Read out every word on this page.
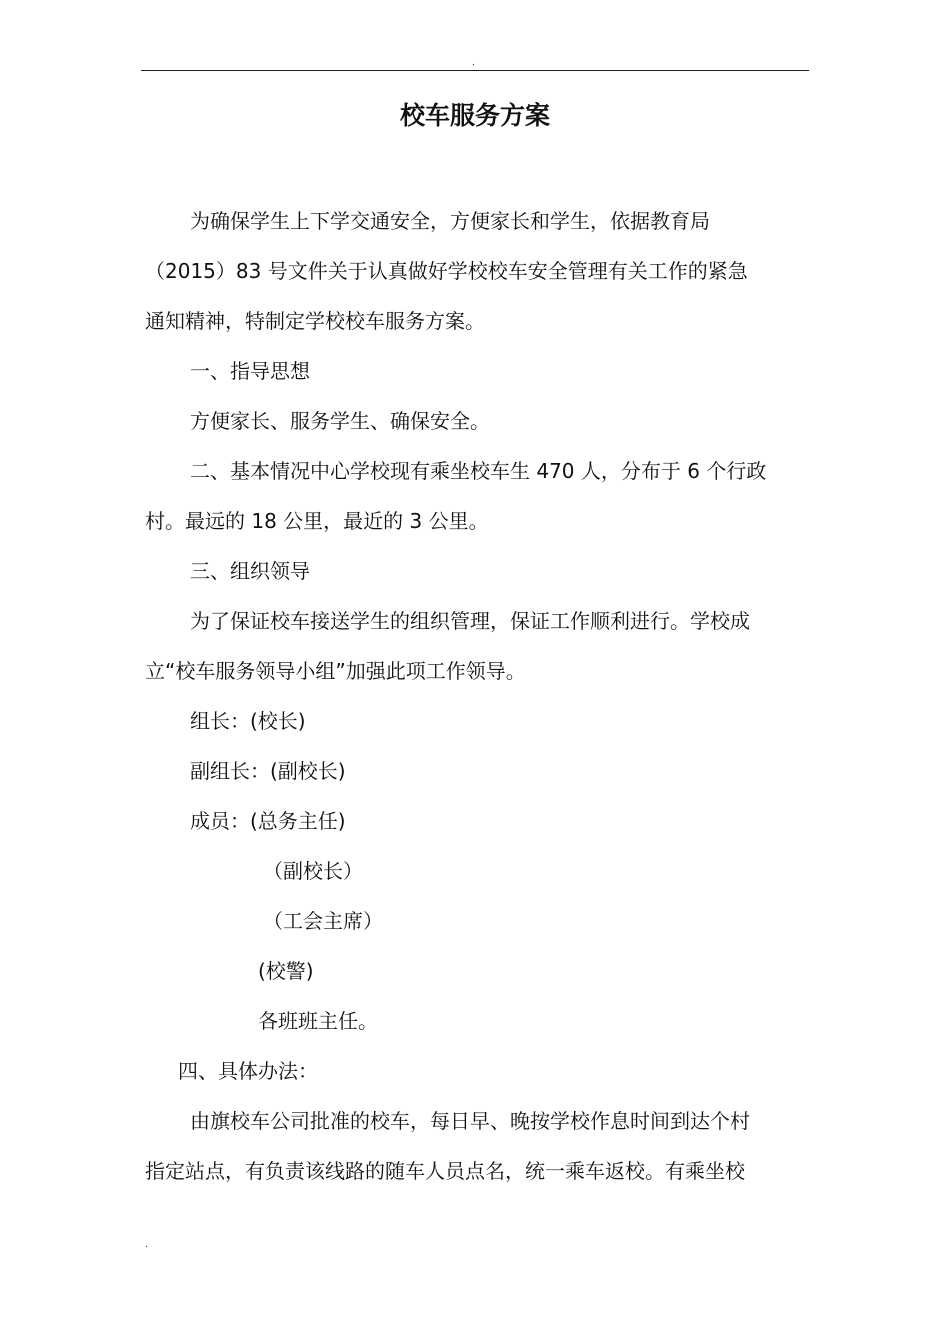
.
校车服务方案
为确保学生上下学交通安全，方便家长和学生，依据教育局
（2015）83 号文件关于认真做好学校校车安全管理有关工作的紧急
通知精神，特制定学校校车服务方案。
一、指导思想
方便家长、服务学生、确保安全。
二、基本情况中心学校现有乘坐校车生 470 人，分布于 6 个行政
村。最远的 18 公里，最近的 3 公里。
三、组织领导
为了保证校车接送学生的组织管理，保证工作顺利进行。学校成
立“校车服务领导小组”加强此项工作领导。
组长：(校长)
副组长：(副校长)
成员：(总务主任)
（副校长）
（工会主席）
(校警)
各班班主任。
四、具体办法：
由旗校车公司批准的校车，每日早、晚按学校作息时间到达个村
指定站点，有负责该线路的随车人员点名，统一乘车返校。有乘坐校
.
